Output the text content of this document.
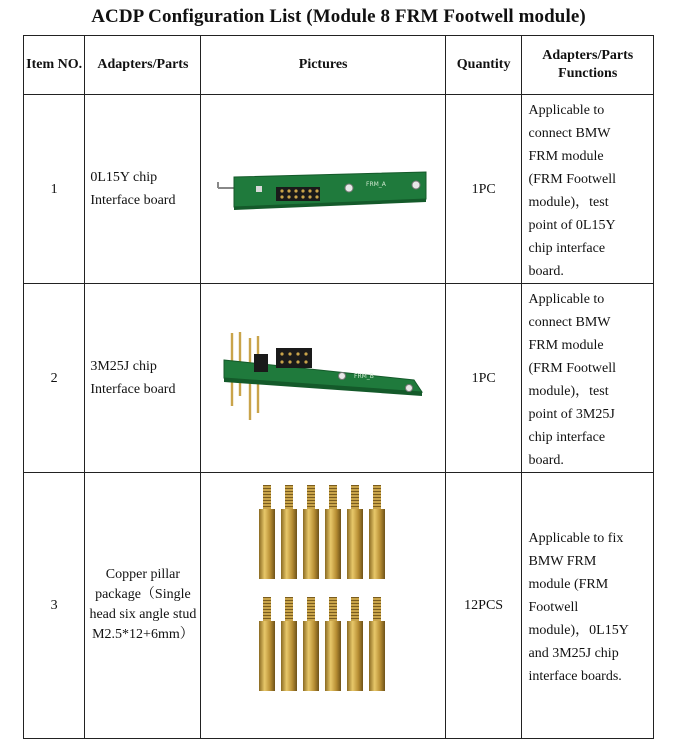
ACDP Configuration List (Module 8 FRM Footwell module)
Item NO.	Adapters/Parts	Pictures	Quantity	Adapters/Parts Functions
1	0L15Y chip Interface board	FRM_A	1PC	Applicable to connect BMW FRM module (FRM Footwell module)，test point of 0L15Y chip interface board.

2	3M25J chip Interface board	FRM_B	1PC	Applicable to connect BMW FRM module (FRM Footwell module)，test point of 3M25J chip interface board.

3	Copper pillar package（Single head six angle stud M2.5*12+6mm）		12PCS	Applicable to fix BMW FRM module (FRM Footwell module)，0L15Y and 3M25J chip interface boards.
